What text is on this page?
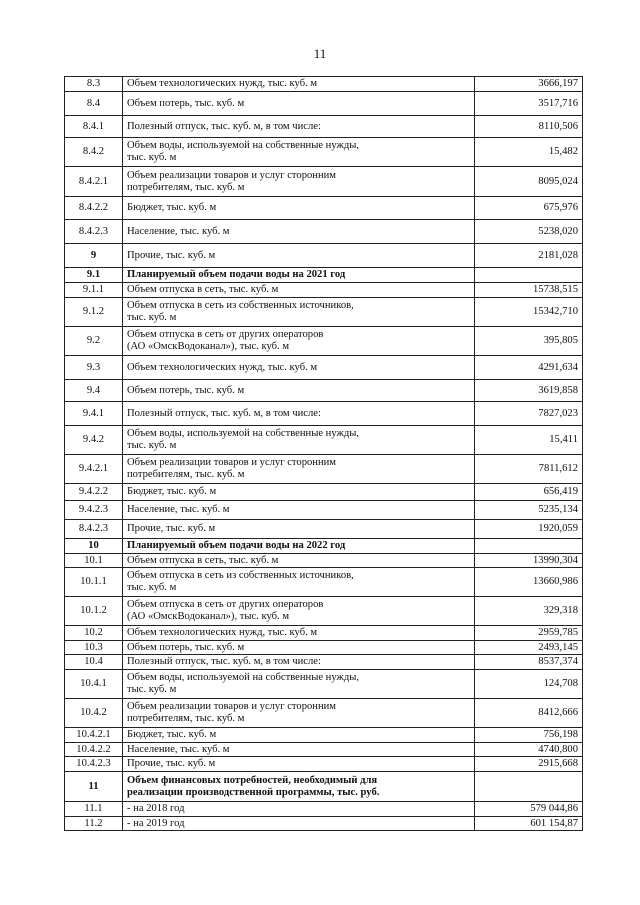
11
8.3	Объем технологических нужд, тыс. куб. м	3666,197
8.4	Объем потерь, тыс. куб. м	3517,716
8.4.1	Полезный отпуск, тыс. куб. м, в том числе:	8110,506
8.4.2	Объем воды, используемой на собственные нужды,
тыс. куб. м	15,482
8.4.2.1	Объем реализации товаров и услуг сторонним
потребителям, тыс. куб. м	8095,024
8.4.2.2	Бюджет, тыс. куб. м	675,976
8.4.2.3	Население, тыс. куб. м	5238,020
9	Прочие, тыс. куб. м	2181,028
9.1	Планируемый объем подачи воды на 2021 год	

9.1.1	Объем отпуска в сеть, тыс. куб. м	15738,515
9.1.2	Объем отпуска в сеть из собственных источников,
тыс. куб. м	15342,710
9.2	Объем отпуска в сеть от других операторов
(АО «ОмскВодоканал»), тыс. куб. м	395,805
9.3	Объем технологических нужд, тыс. куб. м	4291,634
9.4	Объем потерь, тыс. куб. м	3619,858
9.4.1	Полезный отпуск, тыс. куб. м, в том числе:	7827,023
9.4.2	Объем воды, используемой на собственные нужды,
тыс. куб. м	15,411
9.4.2.1	Объем реализации товаров и услуг сторонним
потребителям, тыс. куб. м	7811,612
9.4.2.2	Бюджет, тыс. куб. м	656,419
9.4.2.3	Население, тыс. куб. м	5235,134
8.4.2.3	Прочие, тыс. куб. м	1920,059
10	Планируемый объем подачи воды на 2022 год	

10.1	Объем отпуска в сеть, тыс. куб. м	13990,304
10.1.1	Объем отпуска в сеть из собственных источников,
тыс. куб. м	13660,986
10.1.2	Объем отпуска в сеть от других операторов
(АО «ОмскВодоканал»), тыс. куб. м	329,318
10.2	Объем технологических нужд, тыс. куб. м	2959,785
10.3	Объем потерь, тыс. куб. м	2493,145
10.4	Полезный отпуск, тыс. куб. м, в том числе:	8537,374
10.4.1	Объем воды, используемой на собственные нужды,
тыс. куб. м	124,708
10.4.2	Объем реализации товаров и услуг сторонним
потребителям, тыс. куб. м	8412,666
10.4.2.1	Бюджет, тыс. куб. м	756,198
10.4.2.2	Население, тыс. куб. м	4740,800
10.4.2.3	Прочие, тыс. куб. м	2915,668
11	Объем финансовых потребностей, необходимый для
реализации производственной программы, тыс. руб.	

11.1	- на 2018 год	579 044,86
11.2	- на 2019 год	601 154,87
